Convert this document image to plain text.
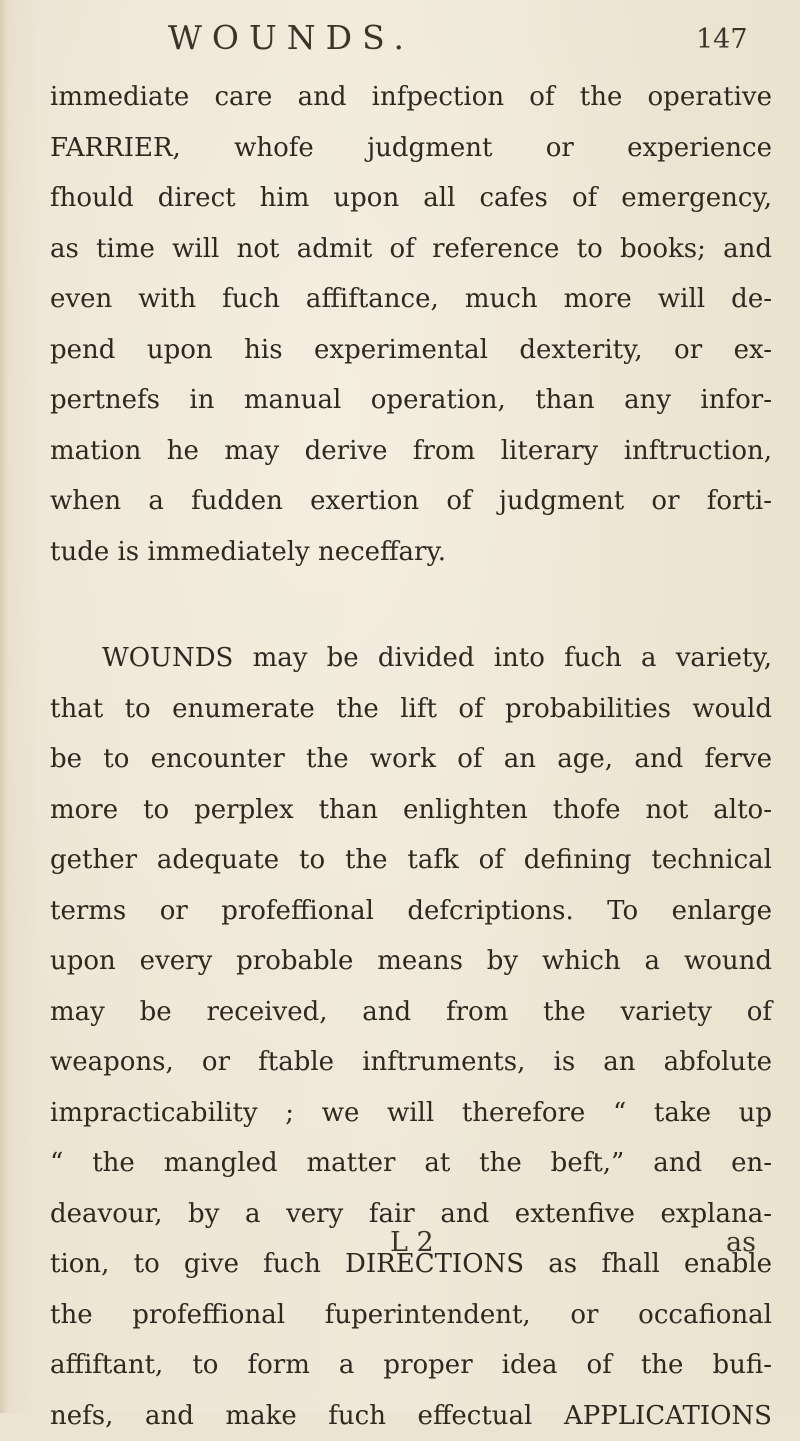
WOUNDS.	147
immediate care and infpection of the operative
FARRIER, whofe judgment or experience
fhould direct him upon all cafes of emergency,
as time will not admit of reference to books; and
even with fuch affiftance, much more will de-
pend upon his experimental dexterity, or ex-
pertnefs in manual operation, than any infor-
mation he may derive from literary inftruction,
when a fudden exertion of judgment or forti-
tude is immediately neceffary.
WOUNDS may be divided into fuch a variety,
that to enumerate the lift of probabilities would
be to encounter the work of an age, and ferve
more to perplex than enlighten thofe not alto-
gether adequate to the tafk of defining technical
terms or profeffional defcriptions. To enlarge
upon every probable means by which a wound
may be received, and from the variety of
weapons, or ftable inftruments, is an abfolute
impracticability ; we will therefore “ take up
“ the mangled matter at the beft,” and en-
deavour, by a very fair and extenfive explana-
tion, to give fuch DIRECTIONS as fhall enable
the profeffional fuperintendent, or occafional
affiftant, to form a proper idea of the bufi-
nefs, and make fuch effectual APPLICATIONS
L 2	as
